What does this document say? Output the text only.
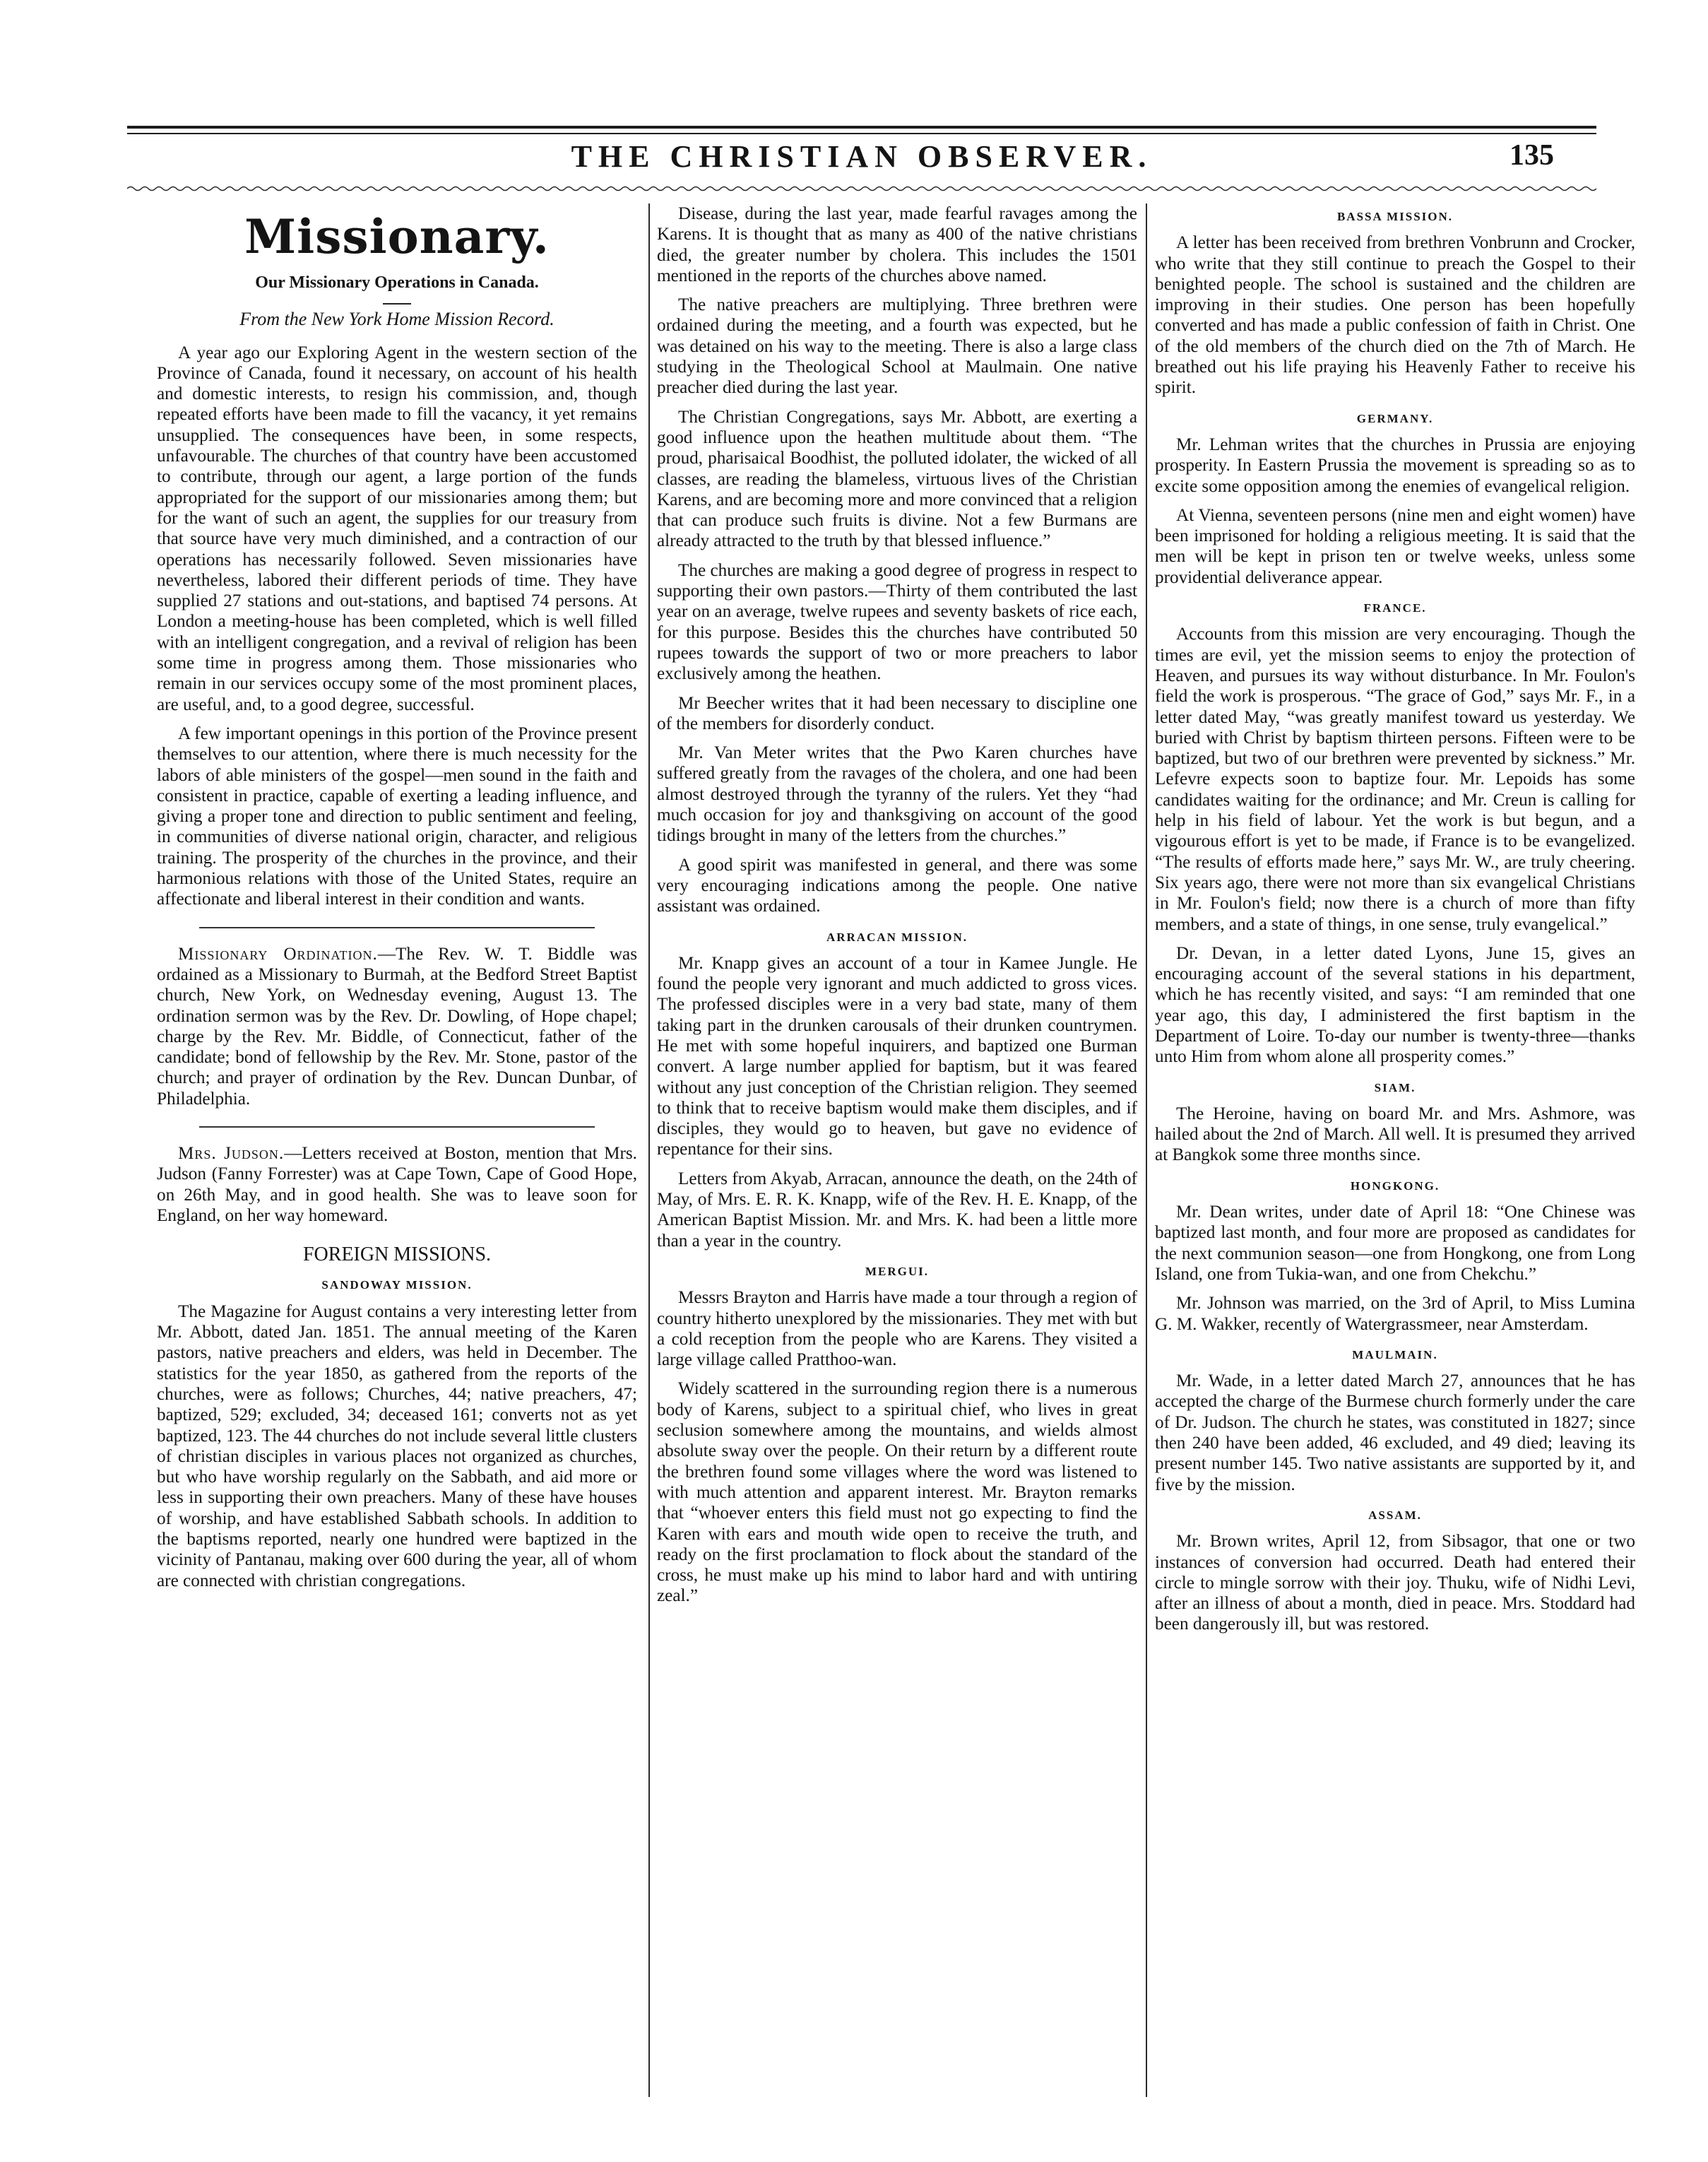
THE CHRISTIAN OBSERVER.	135
Missionary.
Our Missionary Operations in Canada.
From the New York Home Mission Record.

A year ago our Exploring Agent in the western section of the Province of Canada, found it necessary, on account of his health and domestic interests, to resign his commission, and, though repeated efforts have been made to fill the vacancy, it yet remains unsupplied. The consequences have been, in some respects, unfavourable. The churches of that country have been accustomed to contribute, through our agent, a large portion of the funds appropriated for the support of our missionaries among them; but for the want of such an agent, the supplies for our treasury from that source have very much diminished, and a contraction of our operations has necessarily followed. Seven missionaries have nevertheless, labored their different periods of time. They have supplied 27 stations and out-stations, and baptised 74 persons. At London a meeting-house has been completed, which is well filled with an intelligent congregation, and a revival of religion has been some time in progress among them. Those missionaries who remain in our services occupy some of the most prominent places, are useful, and, to a good degree, successful.

A few important openings in this portion of the Province present themselves to our attention, where there is much necessity for the labors of able ministers of the gospel—men sound in the faith and consistent in practice, capable of exerting a leading influence, and giving a proper tone and direction to public sentiment and feeling, in communities of diverse national origin, character, and religious training. The prosperity of the churches in the province, and their harmonious relations with those of the United States, require an affectionate and liberal interest in their condition and wants.

Missionary Ordination.—The Rev. W. T. Biddle was ordained as a Missionary to Burmah, at the Bedford Street Baptist church, New York, on Wednesday evening, August 13. The ordination sermon was by the Rev. Dr. Dowling, of Hope chapel; charge by the Rev. Mr. Biddle, of Connecticut, father of the candidate; bond of fellowship by the Rev. Mr. Stone, pastor of the church; and prayer of ordination by the Rev. Duncan Dunbar, of Philadelphia.

Mrs. Judson.—Letters received at Boston, mention that Mrs. Judson (Fanny Forrester) was at Cape Town, Cape of Good Hope, on 26th May, and in good health. She was to leave soon for England, on her way homeward.

FOREIGN MISSIONS.
SANDOWAY MISSION.

The Magazine for August contains a very interesting letter from Mr. Abbott, dated Jan. 1851. The annual meeting of the Karen pastors, native preachers and elders, was held in December. The statistics for the year 1850, as gathered from the reports of the churches, were as follows; Churches, 44; native preachers, 47; baptized, 529; excluded, 34; deceased 161; converts not as yet baptized, 123. The 44 churches do not include several little clusters of christian disciples in various places not organized as churches, but who have worship regularly on the Sabbath, and aid more or less in supporting their own preachers. Many of these have houses of worship, and have established Sabbath schools. In addition to the baptisms reported, nearly one hundred were baptized in the vicinity of Pantanau, making over 600 during the year, all of whom are connected with christian congregations.

Disease, during the last year, made fearful ravages among the Karens. It is thought that as many as 400 of the native christians died, the greater number by cholera. This includes the 1501 mentioned in the reports of the churches above named.

The native preachers are multiplying. Three brethren were ordained during the meeting, and a fourth was expected, but he was detained on his way to the meeting. There is also a large class studying in the Theological School at Maulmain. One native preacher died during the last year.

The Christian Congregations, says Mr. Abbott, are exerting a good influence upon the heathen multitude about them. “The proud, pharisaical Boodhist, the polluted idolater, the wicked of all classes, are reading the blameless, virtuous lives of the Christian Karens, and are becoming more and more convinced that a religion that can produce such fruits is divine. Not a few Burmans are already attracted to the truth by that blessed influence.”

The churches are making a good degree of progress in respect to supporting their own pastors.—Thirty of them contributed the last year on an average, twelve rupees and seventy baskets of rice each, for this purpose. Besides this the churches have contributed 50 rupees towards the support of two or more preachers to labor exclusively among the heathen.

Mr Beecher writes that it had been necessary to discipline one of the members for disorderly conduct.

Mr. Van Meter writes that the Pwo Karen churches have suffered greatly from the ravages of the cholera, and one had been almost destroyed through the tyranny of the rulers. Yet they “had much occasion for joy and thanksgiving on account of the good tidings brought in many of the letters from the churches.”

A good spirit was manifested in general, and there was some very encouraging indications among the people. One native assistant was ordained.

ARRACAN MISSION.

Mr. Knapp gives an account of a tour in Kamee Jungle. He found the people very ignorant and much addicted to gross vices. The professed disciples were in a very bad state, many of them taking part in the drunken carousals of their drunken countrymen. He met with some hopeful inquirers, and baptized one Burman convert. A large number applied for baptism, but it was feared without any just conception of the Christian religion. They seemed to think that to receive baptism would make them disciples, and if disciples, they would go to heaven, but gave no evidence of repentance for their sins.

Letters from Akyab, Arracan, announce the death, on the 24th of May, of Mrs. E. R. K. Knapp, wife of the Rev. H. E. Knapp, of the American Baptist Mission. Mr. and Mrs. K. had been a little more than a year in the country.

MERGUI.

Messrs Brayton and Harris have made a tour through a region of country hitherto unexplored by the missionaries. They met with but a cold reception from the people who are Karens. They visited a large village called Pratthoo-wan.

Widely scattered in the surrounding region there is a numerous body of Karens, subject to a spiritual chief, who lives in great seclusion somewhere among the mountains, and wields almost absolute sway over the people. On their return by a different route the brethren found some villages where the word was listened to with much attention and apparent interest. Mr. Brayton remarks that “whoever enters this field must not go expecting to find the Karen with ears and mouth wide open to receive the truth, and ready on the first proclamation to flock about the standard of the cross, he must make up his mind to labor hard and with untiring zeal.”

BASSA MISSION.

A letter has been received from brethren Vonbrunn and Crocker, who write that they still continue to preach the Gospel to their benighted people. The school is sustained and the children are improving in their studies. One person has been hopefully converted and has made a public confession of faith in Christ. One of the old members of the church died on the 7th of March. He breathed out his life praying his Heavenly Father to receive his spirit.

GERMANY.

Mr. Lehman writes that the churches in Prussia are enjoying prosperity. In Eastern Prussia the movement is spreading so as to excite some opposition among the enemies of evangelical religion.

At Vienna, seventeen persons (nine men and eight women) have been imprisoned for holding a religious meeting. It is said that the men will be kept in prison ten or twelve weeks, unless some providential deliverance appear.

FRANCE.

Accounts from this mission are very encouraging. Though the times are evil, yet the mission seems to enjoy the protection of Heaven, and pursues its way without disturbance. In Mr. Foulon's field the work is prosperous. “The grace of God,” says Mr. F., in a letter dated May, “was greatly manifest toward us yesterday. We buried with Christ by baptism thirteen persons. Fifteen were to be baptized, but two of our brethren were prevented by sickness.” Mr. Lefevre expects soon to baptize four. Mr. Lepoids has some candidates waiting for the ordinance; and Mr. Creun is calling for help in his field of labour. Yet the work is but begun, and a vigourous effort is yet to be made, if France is to be evangelized. “The results of efforts made here,” says Mr. W., are truly cheering. Six years ago, there were not more than six evangelical Christians in Mr. Foulon's field; now there is a church of more than fifty members, and a state of things, in one sense, truly evangelical.”

Dr. Devan, in a letter dated Lyons, June 15, gives an encouraging account of the several stations in his department, which he has recently visited, and says: “I am reminded that one year ago, this day, I administered the first baptism in the Department of Loire. To-day our number is twenty-three—thanks unto Him from whom alone all prosperity comes.”

SIAM.

The Heroine, having on board Mr. and Mrs. Ashmore, was hailed about the 2nd of March. All well. It is presumed they arrived at Bangkok some three months since.

HONGKONG.

Mr. Dean writes, under date of April 18: “One Chinese was baptized last month, and four more are proposed as candidates for the next communion season—one from Hongkong, one from Long Island, one from Tukia-wan, and one from Chekchu.”

Mr. Johnson was married, on the 3rd of April, to Miss Lumina G. M. Wakker, recently of Watergrassmeer, near Amsterdam.

MAULMAIN.

Mr. Wade, in a letter dated March 27, announces that he has accepted the charge of the Burmese church formerly under the care of Dr. Judson. The church he states, was constituted in 1827; since then 240 have been added, 46 excluded, and 49 died; leaving its present number 145. Two native assistants are supported by it, and five by the mission.

ASSAM.

Mr. Brown writes, April 12, from Sibsagor, that one or two instances of conversion had occurred. Death had entered their circle to mingle sorrow with their joy. Thuku, wife of Nidhi Levi, after an illness of about a month, died in peace. Mrs. Stoddard had been dangerously ill, but was restored.
